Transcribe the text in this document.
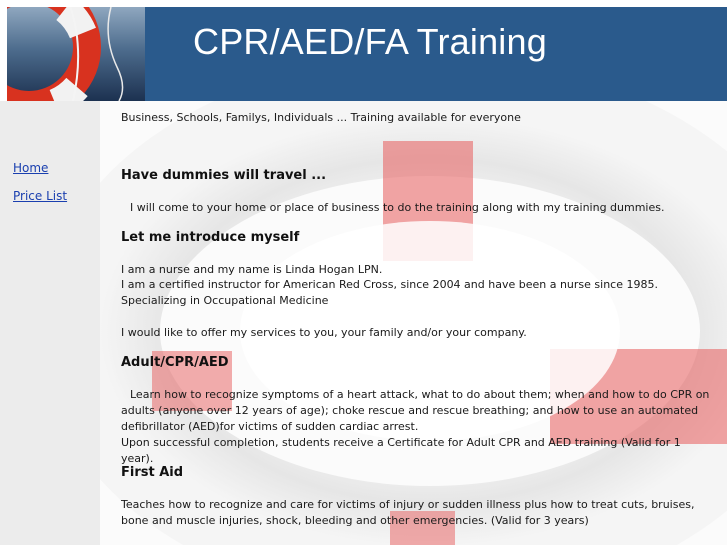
CPR/AED/FA Training
Home
Price List

Business, Schools, Familys, Individuals ... Training available for everyone

Have dummies will travel ...

I will come to your home or place of business to do the training along with my training dummies.

Let me introduce myself

I am a nurse and my name is Linda Hogan LPN.

I am a certified instructor for American Red Cross, since 2004 and have been a nurse since 1985. Specializing in Occupational Medicine

I would like to offer my services to you, your family and/or your company.

Adult/CPR/AED

Learn how to recognize symptoms of a heart attack, what to do about them; when and how to do CPR on adults (anyone over 12 years of age); choke rescue and rescue breathing; and how to use an automated defibrillator (AED)for victims of sudden cardiac arrest.

Upon successful completion, students receive a Certificate for Adult CPR and AED training (Valid for 1 year).

First Aid

Teaches how to recognize and care for victims of injury or sudden illness plus how to treat cuts, bruises, bone and muscle injuries, shock, bleeding and other emergencies. (Valid for 3 years)
